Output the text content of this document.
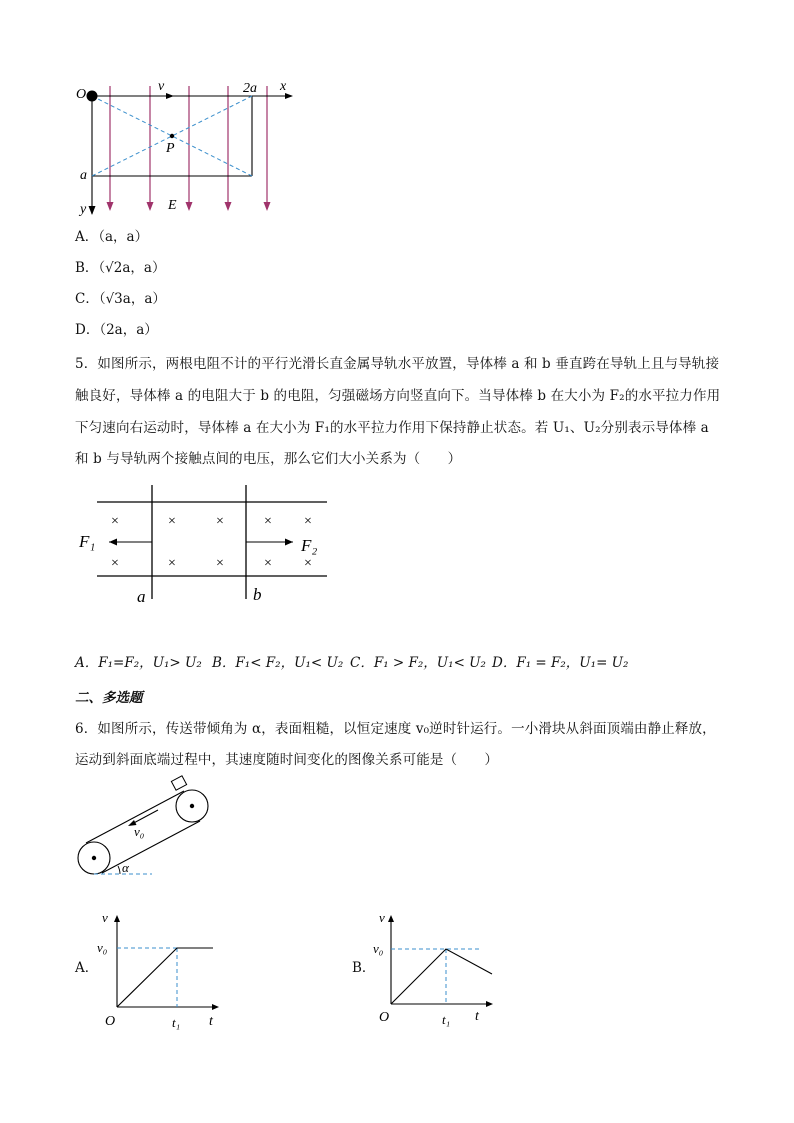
O
v	2a x
P
a
y	E
A．（a，a）
B．（√2a，a）
C．（√3a，a）
D．（2a，a）
5．如图所示，两根电阻不计的平行光滑长直金属导轨水平放置，导体棒 a 和 b 垂直跨在导轨上且与导轨接
触良好，导体棒 a 的电阻大于 b 的电阻，匀强磁场方向竖直向下。当导体棒 b 在大小为 F₂的水平拉力作用
下匀速向右运动时，导体棒 a 在大小为 F₁的水平拉力作用下保持静止状态。若 U₁、U₂分别表示导体棒 a
和 b 与导轨两个接触点间的电压，那么它们大小关系为（　　）
×	×	×	× ×
×	×	×	× ×
F₁	F₂
a	b
A．F₁=F₂，U₁> U₂ B．F₁< F₂，U₁< U₂ C．F₁ > F₂，U₁< U₂ D．F₁ = F₂，U₁= U₂
二、多选题
6．如图所示，传送带倾角为 α，表面粗糙，以恒定速度 v₀逆时针运行。一小滑块从斜面顶端由静止释放，
运动到斜面底端过程中，其速度随时间变化的图像关系可能是（　　）
v₀
α
A．
v
v₀
O	t₁ t
B．
v
v₀
O	t₁ t
